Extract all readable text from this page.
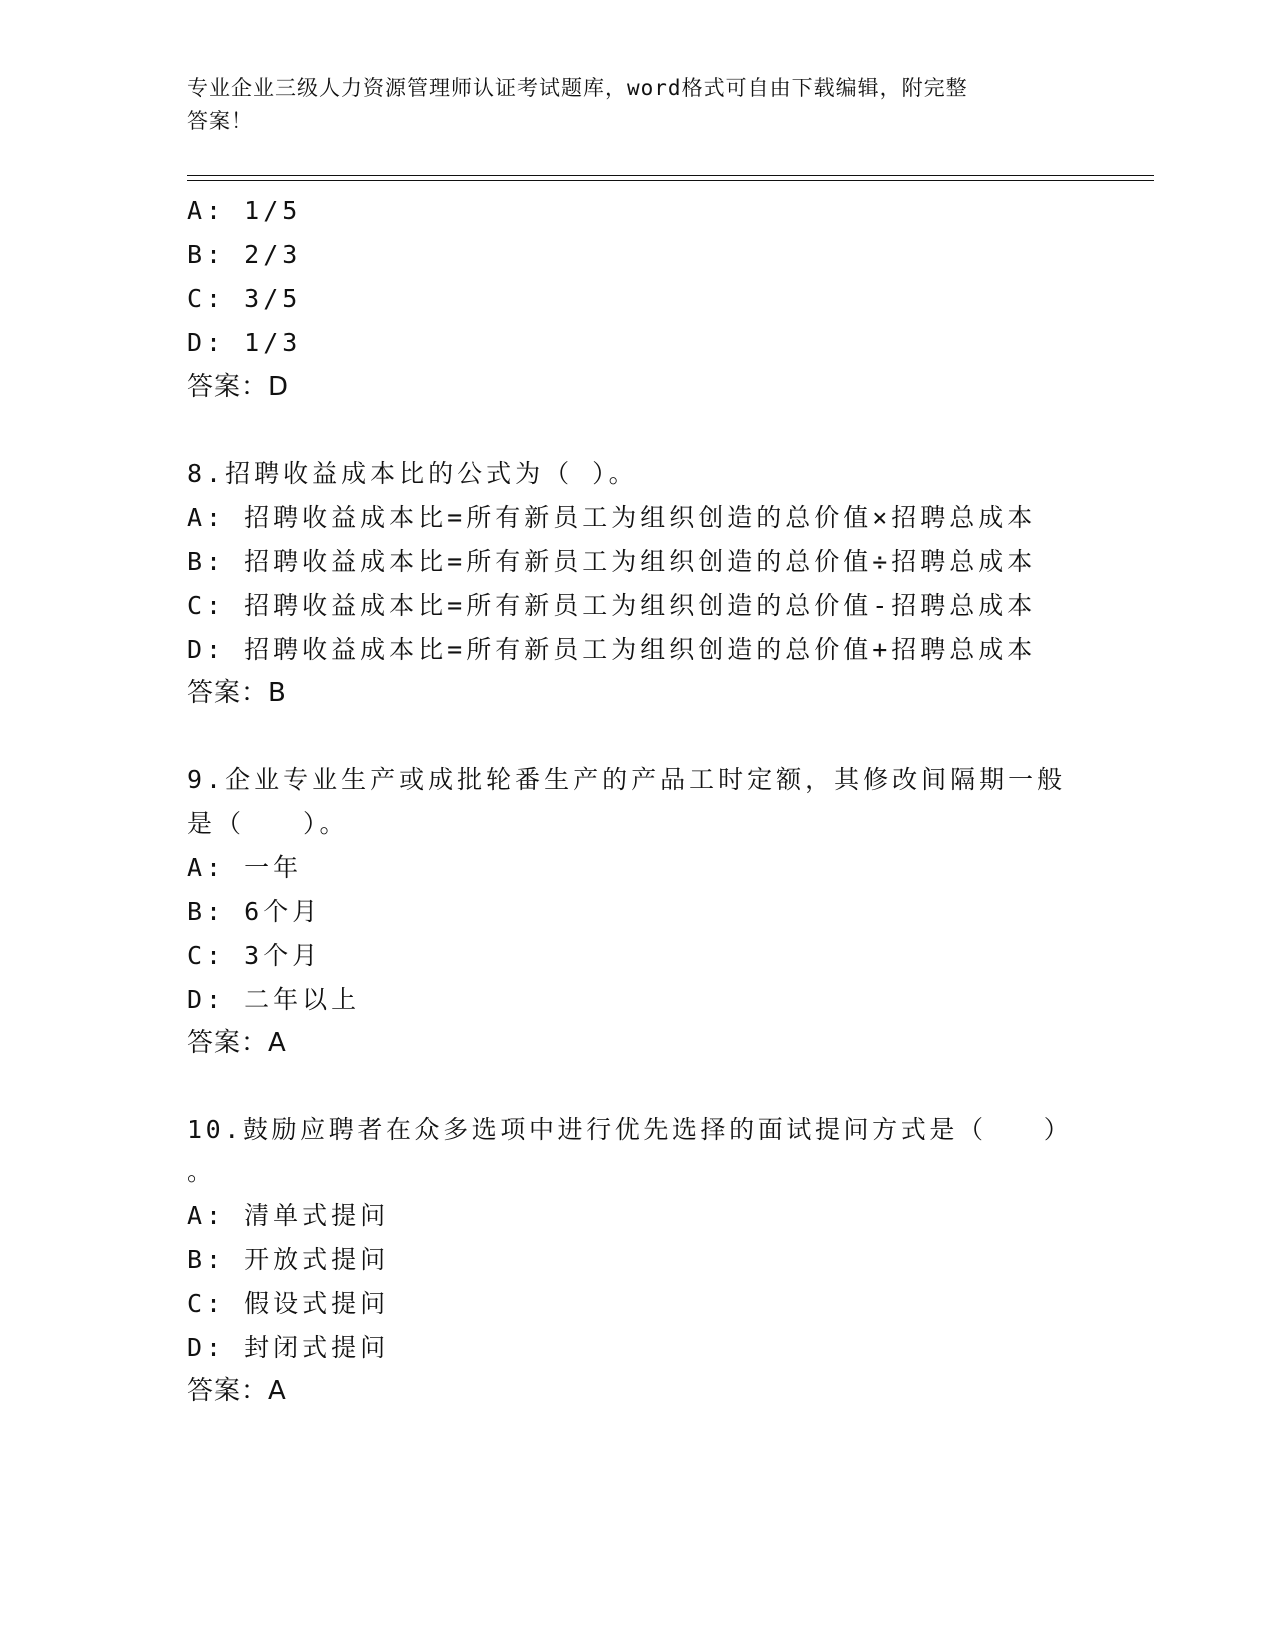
专业企业三级人力资源管理师认证考试题库，word格式可自由下载编辑，附完整
答案！
A: 1/5
B: 2/3
C: 3/5
D: 1/3
答案：D
8.招聘收益成本比的公式为（ ）。
A: 招聘收益成本比=所有新员工为组织创造的总价值×招聘总成本
B: 招聘收益成本比=所有新员工为组织创造的总价值÷招聘总成本
C: 招聘收益成本比=所有新员工为组织创造的总价值-招聘总成本
D: 招聘收益成本比=所有新员工为组织创造的总价值+招聘总成本
答案：B
9.企业专业生产或成批轮番生产的产品工时定额，其修改间隔期一般
是（　　）。
A: 一年
B: 6个月
C: 3个月
D: 二年以上
答案：A
10.鼓励应聘者在众多选项中进行优先选择的面试提问方式是（　　）
。
A: 清单式提问
B: 开放式提问
C: 假设式提问
D: 封闭式提问
答案：A
